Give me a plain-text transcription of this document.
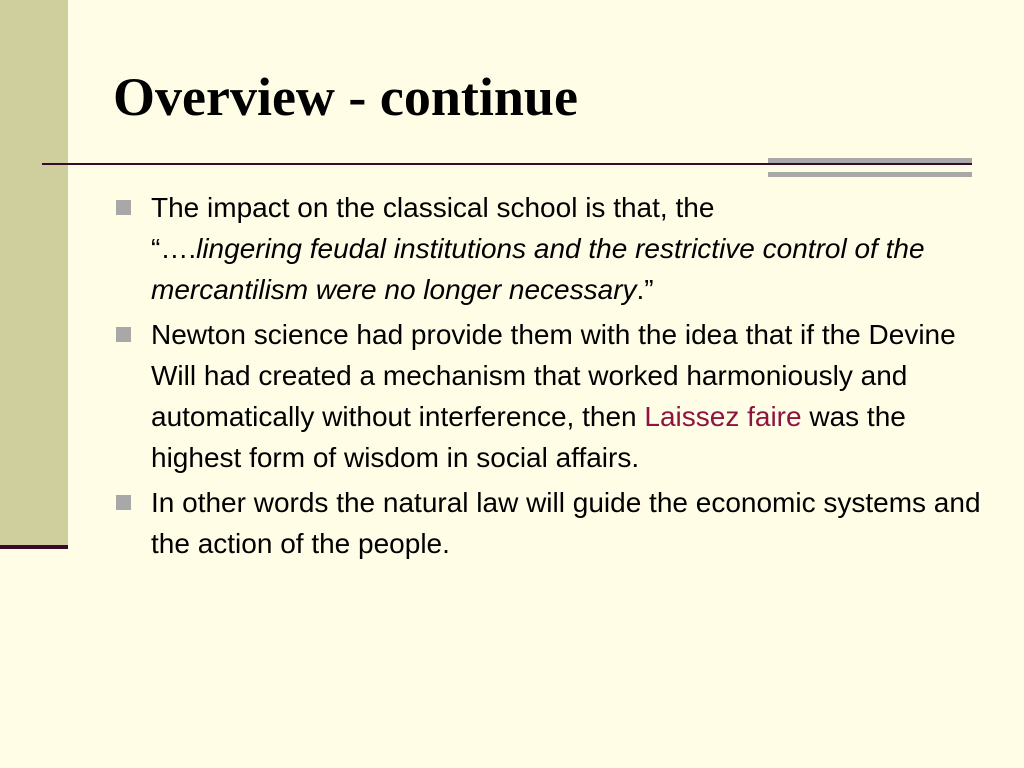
Overview - continue
The impact on the classical school is that, the
“….lingering feudal institutions and the restrictive control of the mercantilism were no longer necessary.”
Newton science had provide them with the idea that if the Devine Will had created a mechanism that worked harmoniously and automatically without interference, then Laissez faire was the highest form of wisdom in social affairs.
In other words the natural law will guide the economic systems and the action of the people.
